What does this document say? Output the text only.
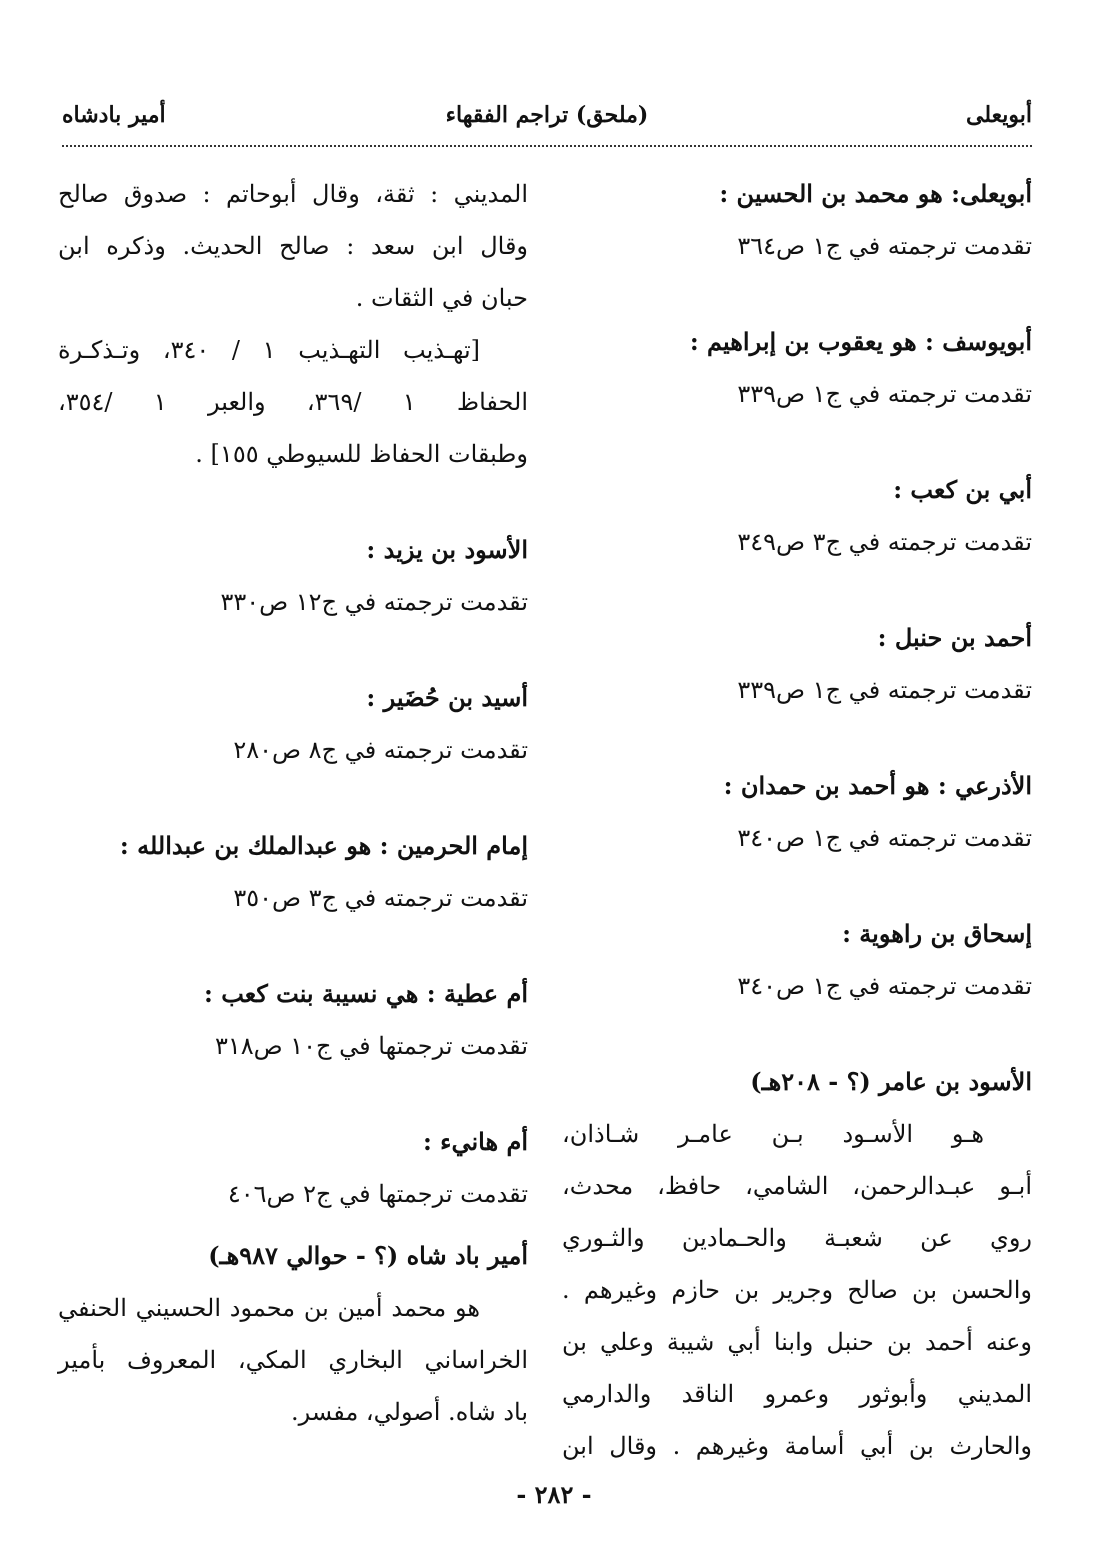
أبويعلى
(ملحق) تراجم الفقهاء
أمير بادشاه
أبويعلى: هو محمد بن الحسين :
تقدمت ترجمته في ج١ ص٣٦٤
أبويوسف : هو يعقوب بن إبراهيم :
تقدمت ترجمته في ج١ ص٣٣٩
أبي بن كعب :
تقدمت ترجمته في ج٣ ص٣٤٩
أحمد بن حنبل :
تقدمت ترجمته في ج١ ص٣٣٩
الأذرعي : هو أحمد بن حمدان :
تقدمت ترجمته في ج١ ص٣٤٠
إسحاق بن راهوية :
تقدمت ترجمته في ج١ ص٣٤٠
الأسود بن عامر (؟ - ٢٠٨هـ)
هـو الأسـود بـن عامـر شـاذان،
أبـو عبـدالرحمن، الشامي، حافظ، محدث،
روي عن شعبـة والحـمادين والثـوري
والحسن بن صالح وجرير بن حازم وغيرهم .
وعنه أحمد بن حنبل وابنا أبي شيبة وعلي بن
المديني وأبوثور وعمرو الناقد والدارمي
والحارث بن أبي أسامة وغيرهم . وقال ابن
المديني : ثقة، وقال أبوحاتم : صدوق صالح
وقال ابن سعد : صالح الحديث. وذكره ابن
حبان في الثقات .
[تهـذيب التهـذيب ١ / ٣٤٠، وتـذكـرة
الحفاظ ١ /٣٦٩، والعبر ١ /٣٥٤،
وطبقات الحفاظ للسيوطي ١٥٥] .
الأسود بن يزيد :
تقدمت ترجمته في ج١٢ ص٣٣٠
أسيد بن حُضَير :
تقدمت ترجمته في ج٨ ص٢٨٠
إمام الحرمين : هو عبدالملك بن عبدالله :
تقدمت ترجمته في ج٣ ص٣٥٠
أم عطية : هي نسيبة بنت كعب :
تقدمت ترجمتها في ج١٠ ص٣١٨
أم هانيء :
تقدمت ترجمتها في ج٢ ص٤٠٦
أمير باد شاه (؟ - حوالي ٩٨٧هـ)
هو محمد أمين بن محمود الحسيني الحنفي
الخراساني البخاري المكي، المعروف بأمير
باد شاه. أصولي، مفسر.
- ٢٨٢ -
